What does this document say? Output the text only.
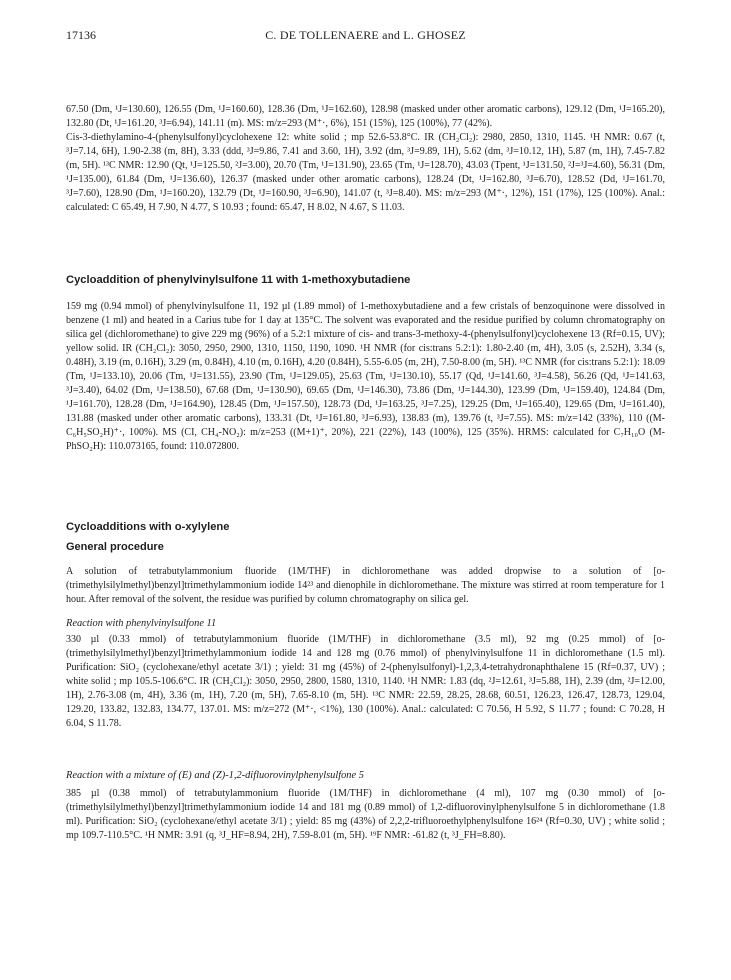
17136	C. DE TOLLENAERE and L. GHOSEZ

67.50 (Dm, ¹J=130.60), 126.55 (Dm, ¹J=160.60), 128.36 (Dm, ¹J=162.60), 128.98 (masked under other aromatic carbons), 129.12 (Dm, ¹J=165.20), 132.80 (Dt, ¹J=161.20, ³J=6.94), 141.11 (m). MS: m/z=293 (M⁺·, 6%), 151 (15%), 125 (100%), 77 (42%).

Cis-3-diethylamino-4-(phenylsulfonyl)cyclohexene 12: white solid ; mp 52.6-53.8°C. IR (CH₂Cl₂): 2980, 2850, 1310, 1145. ¹H NMR: 0.67 (t, ³J=7.14, 6H), 1.90-2.38 (m, 8H), 3.33 (ddd, ³J=9.86, 7.41 and 3.60, 1H), 3.92 (dm, ³J=9.89, 1H), 5.62 (dm, ³J=10.12, 1H), 5.87 (m, 1H), 7.45-7.82 (m, 5H). ¹³C NMR: 12.90 (Qt, ¹J=125.50, ²J=3.00), 20.70 (Tm, ¹J=131.90), 23.65 (Tm, ¹J=128.70), 43.03 (Tpent, ¹J=131.50, ²J=³J=4.60), 56.31 (Dm, ¹J=135.00), 61.84 (Dm, ¹J=136.60), 126.37 (masked under other aromatic carbons), 128.24 (Dt, ¹J=162.80, ³J=6.70), 128.52 (Dd, ¹J=161.70, ³J=7.60), 128.90 (Dm, ¹J=160.20), 132.79 (Dt, ¹J=160.90, ³J=6.90), 141.07 (t, ³J=8.40). MS: m/z=293 (M⁺·, 12%), 151 (17%), 125 (100%). Anal.: calculated: C 65.49, H 7.90, N 4.77, S 10.93 ; found: 65.47, H 8.02, N 4.67, S 11.03.

Cycloaddition of phenylvinylsulfone 11 with 1-methoxybutadiene

159 mg (0.94 mmol) of phenylvinylsulfone 11, 192 µl (1.89 mmol) of 1-methoxybutadiene and a few cristals of benzoquinone were dissolved in benzene (1 ml) and heated in a Carius tube for 1 day at 135°C. The solvent was evaporated and the residue purified by column chromatography on silica gel (dichloromethane) to give 229 mg (96%) of a 5.2:1 mixture of cis- and trans-3-methoxy-4-(phenylsulfonyl)cyclohexene 13 (Rf=0.15, UV); yellow solid. IR (CH₂Cl₂): 3050, 2950, 2900, 1310, 1150, 1190, 1090. ¹H NMR (for cis:trans 5.2:1): 1.80-2.40 (m, 4H), 3.05 (s, 2.52H), 3.34 (s, 0.48H), 3.19 (m, 0.16H), 3.29 (m, 0.84H), 4.10 (m, 0.16H), 4.20 (0.84H), 5.55-6.05 (m, 2H), 7.50-8.00 (m, 5H). ¹³C NMR (for cis:trans 5.2:1): 18.09 (Tm, ¹J=133.10), 20.06 (Tm, ¹J=131.55), 23.90 (Tm, ¹J=129.05), 25.63 (Tm, ¹J=130.10), 55.17 (Qd, ¹J=141.60, ³J=4.58), 56.26 (Qd, ¹J=141.63, ³J=3.40), 64.02 (Dm, ¹J=138.50), 67.68 (Dm, ¹J=130.90), 69.65 (Dm, ¹J=146.30), 73.86 (Dm, ¹J=144.30), 123.99 (Dm, ¹J=159.40), 124.84 (Dm, ¹J=161.70), 128.28 (Dm, ¹J=164.90), 128.45 (Dm, ¹J=157.50), 128.73 (Dd, ¹J=163.25, ³J=7.25), 129.25 (Dm, ¹J=165.40), 129.65 (Dm, ¹J=161.40), 131.88 (masked under other aromatic carbons), 133.31 (Dt, ¹J=161.80, ³J=6.93), 138.83 (m), 139.76 (t, ³J=7.55). MS: m/z=142 (33%), 110 ((M-C₆H₅SO₂H)⁺·, 100%). MS (CI, CH₄-NO₂): m/z=253 ((M+1)⁺, 20%), 221 (22%), 143 (100%), 125 (35%). HRMS: calculated for C₇H₁₀O (M-PhSO₂H): 110.073165, found: 110.072800.

Cycloadditions with o-xylylene
General procedure

A solution of tetrabutylammonium fluoride (1M/THF) in dichloromethane was added dropwise to a solution of [o-(trimethylsilylmethyl)benzyl]trimethylammonium iodide 14²³ and dienophile in dichloromethane. The mixture was stirred at room temperature for 1 hour. After removal of the solvent, the residue was purified by column chromatography on silica gel.

Reaction with phenylvinylsulfone 11

330 µl (0.33 mmol) of tetrabutylammonium fluoride (1M/THF) in dichloromethane (3.5 ml), 92 mg (0.25 mmol) of [o-(trimethylsilylmethyl)benzyl]trimethylammonium iodide 14 and 128 mg (0.76 mmol) of phenylvinylsulfone 11 in dichloromethane (1.5 ml). Purification: SiO₂ (cyclohexane/ethyl acetate 3/1) ; yield: 31 mg (45%) of 2-(phenylsulfonyl)-1,2,3,4-tetrahydronaphthalene 15 (Rf=0.37, UV) ; white solid ; mp 105.5-106.6°C. IR (CH₂Cl₂): 3050, 2950, 2800, 1580, 1310, 1140. ¹H NMR: 1.83 (dq, ²J=12.61, ³J=5.88, 1H), 2.39 (dm, ²J=12.00, 1H), 2.76-3.08 (m, 4H), 3.36 (m, 1H), 7.20 (m, 5H), 7.65-8.10 (m, 5H). ¹³C NMR: 22.59, 28.25, 28.68, 60.51, 126.23, 126.47, 128.73, 129.04, 129.20, 133.82, 132.83, 134.77, 137.01. MS: m/z=272 (M⁺·, <1%), 130 (100%). Anal.: calculated: C 70.56, H 5.92, S 11.77 ; found: C 70.28, H 6.04, S 11.78.

Reaction with a mixture of (E) and (Z)-1,2-difluorovinylphenylsulfone 5

385 µl (0.38 mmol) of tetrabutylammonium fluoride (1M/THF) in dichloromethane (4 ml), 107 mg (0.30 mmol) of [o-(trimethylsilylmethyl)benzyl]trimethylammonium iodide 14 and 181 mg (0.89 mmol) of 1,2-difluorovinylphenylsulfone 5 in dichloromethane (1.8 ml). Purification: SiO₂ (cyclohexane/ethyl acetate 3/1) ; yield: 85 mg (43%) of 2,2,2-trifluoroethylphenylsulfone 16²⁴ (Rf=0.30, UV) ; white solid ; mp 109.7-110.5°C. ¹H NMR: 3.91 (q, ³J_HF=8.94, 2H), 7.59-8.01 (m, 5H). ¹⁹F NMR: -61.82 (t, ³J_FH=8.80).
